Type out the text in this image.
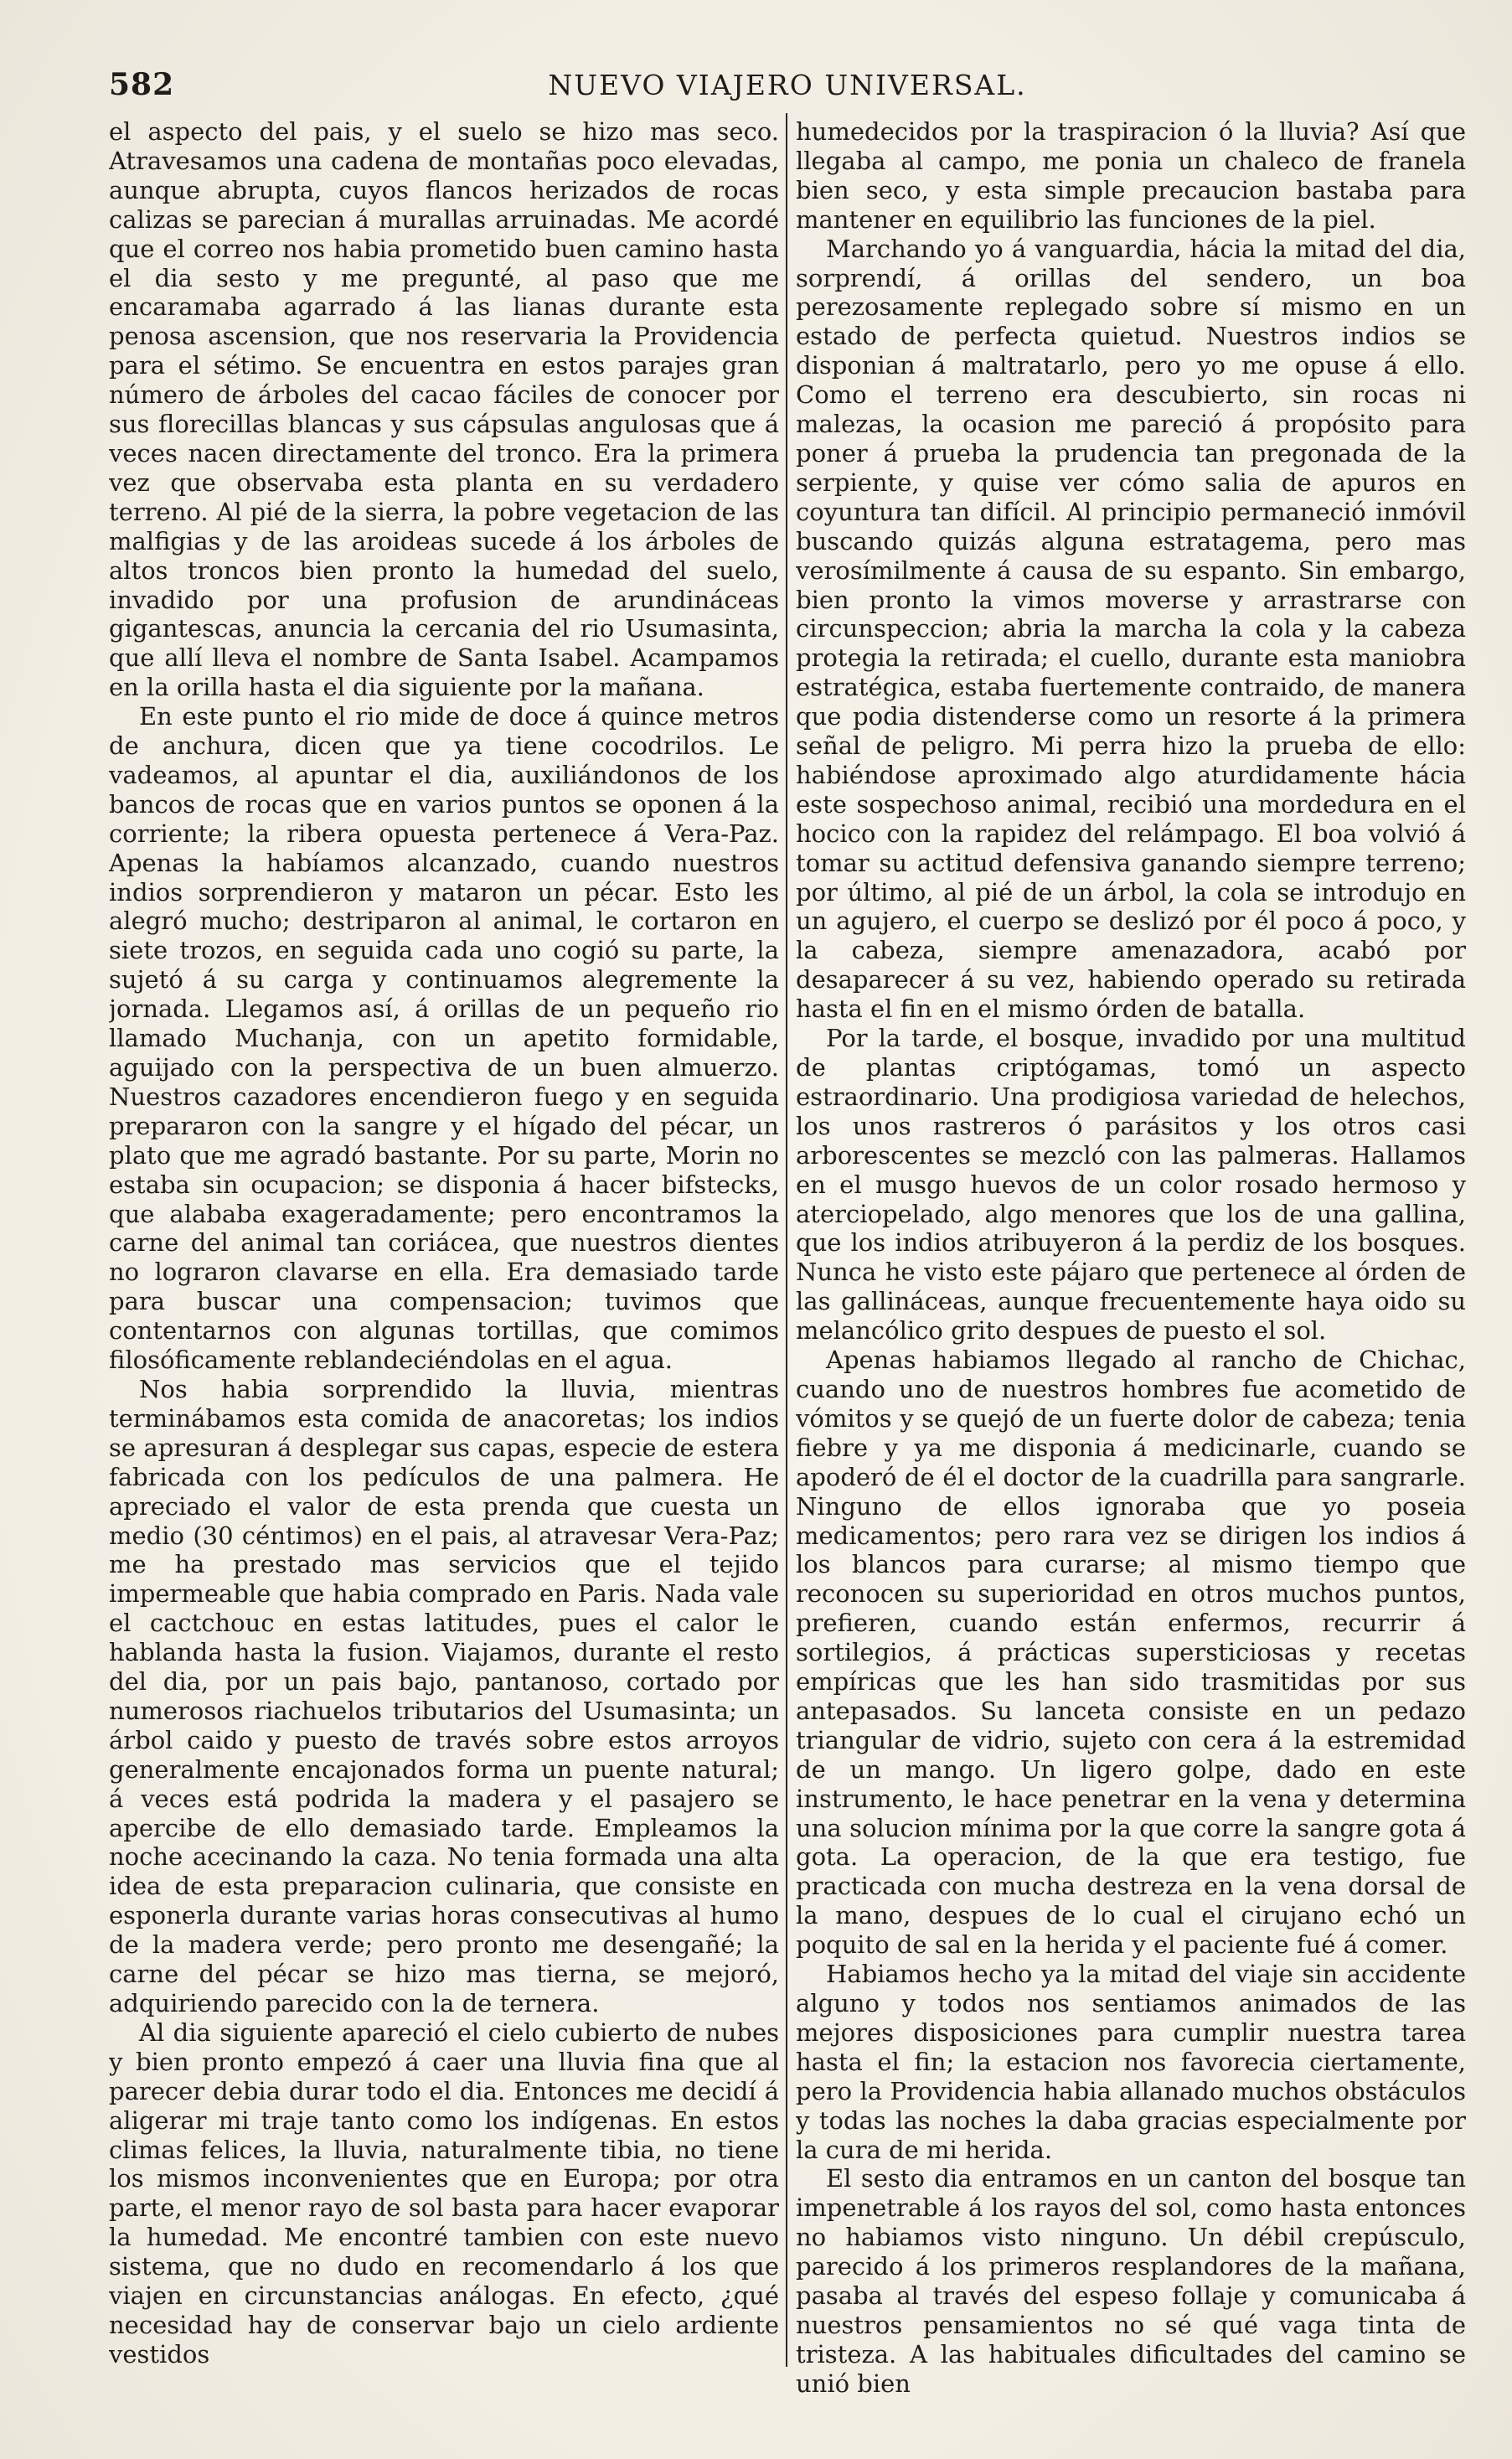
582	NUEVO VIAJERO UNIVERSAL.

el aspecto del pais, y el suelo se hizo mas seco. Atravesamos una cadena de montañas poco elevadas, aunque abrupta, cuyos flancos herizados de rocas calizas se parecian á murallas arruinadas. Me acordé que el correo nos habia prometido buen camino hasta el dia sesto y me pregunté, al paso que me encaramaba agarrado á las lianas durante esta penosa ascension, que nos reservaria la Providencia para el sétimo. Se encuentra en estos parajes gran número de árboles del cacao fáciles de conocer por sus florecillas blancas y sus cápsulas angulosas que á veces nacen directamente del tronco. Era la primera vez que observaba esta planta en su verdadero terreno. Al pié de la sierra, la pobre vegetacion de las malfigias y de las aroideas sucede á los árboles de altos troncos bien pronto la humedad del suelo, invadido por una profusion de arundináceas gigantescas, anuncia la cercania del rio Usumasinta, que allí lleva el nombre de Santa Isabel. Acampamos en la orilla hasta el dia siguiente por la mañana.

En este punto el rio mide de doce á quince metros de anchura, dicen que ya tiene cocodrilos. Le vadeamos, al apuntar el dia, auxiliándonos de los bancos de rocas que en varios puntos se oponen á la corriente; la ribera opuesta pertenece á Vera-Paz. Apenas la habíamos alcanzado, cuando nuestros indios sorprendieron y mataron un pécar. Esto les alegró mucho; destriparon al animal, le cortaron en siete trozos, en seguida cada uno cogió su parte, la sujetó á su carga y continuamos alegremente la jornada. Llegamos así, á orillas de un pequeño rio llamado Muchanja, con un apetito formidable, aguijado con la perspectiva de un buen almuerzo. Nuestros cazadores encendieron fuego y en seguida prepararon con la sangre y el hígado del pécar, un plato que me agradó bastante. Por su parte, Morin no estaba sin ocupacion; se disponia á hacer bifstecks, que alababa exageradamente; pero encontramos la carne del animal tan coriácea, que nuestros dientes no lograron clavarse en ella. Era demasiado tarde para buscar una compensacion; tuvimos que contentarnos con algunas tortillas, que comimos filosóficamente reblandeciéndolas en el agua.

Nos habia sorprendido la lluvia, mientras terminábamos esta comida de anacoretas; los indios se apresuran á desplegar sus capas, especie de estera fabricada con los pedículos de una palmera. He apreciado el valor de esta prenda que cuesta un medio (30 céntimos) en el pais, al atravesar Vera-Paz; me ha prestado mas servicios que el tejido impermeable que habia comprado en Paris. Nada vale el cactchouc en estas latitudes, pues el calor le hablanda hasta la fusion. Viajamos, durante el resto del dia, por un pais bajo, pantanoso, cortado por numerosos riachuelos tributarios del Usumasinta; un árbol caido y puesto de través sobre estos arroyos generalmente encajonados forma un puente natural; á veces está podrida la madera y el pasajero se apercibe de ello demasiado tarde. Empleamos la noche acecinando la caza. No tenia formada una alta idea de esta preparacion culinaria, que consiste en esponerla durante varias horas consecutivas al humo de la madera verde; pero pronto me desengañé; la carne del pécar se hizo mas tierna, se mejoró, adquiriendo parecido con la de ternera.

Al dia siguiente apareció el cielo cubierto de nubes y bien pronto empezó á caer una lluvia fina que al parecer debia durar todo el dia. Entonces me decidí á aligerar mi traje tanto como los indígenas. En estos climas felices, la lluvia, naturalmente tibia, no tiene los mismos inconvenientes que en Europa; por otra parte, el menor rayo de sol basta para hacer evaporar la humedad. Me encontré tambien con este nuevo sistema, que no dudo en recomendarlo á los que viajen en circunstancias análogas. En efecto, ¿qué necesidad hay de conservar bajo un cielo ardiente vestidos

humedecidos por la traspiracion ó la lluvia? Así que llegaba al campo, me ponia un chaleco de franela bien seco, y esta simple precaucion bastaba para mantener en equilibrio las funciones de la piel.

Marchando yo á vanguardia, hácia la mitad del dia, sorprendí, á orillas del sendero, un boa perezosamente replegado sobre sí mismo en un estado de perfecta quietud. Nuestros indios se disponian á maltratarlo, pero yo me opuse á ello. Como el terreno era descubierto, sin rocas ni malezas, la ocasion me pareció á propósito para poner á prueba la prudencia tan pregonada de la serpiente, y quise ver cómo salia de apuros en coyuntura tan difícil. Al principio permaneció inmóvil buscando quizás alguna estratagema, pero mas verosímilmente á causa de su espanto. Sin embargo, bien pronto la vimos moverse y arrastrarse con circunspeccion; abria la marcha la cola y la cabeza protegia la retirada; el cuello, durante esta maniobra estratégica, estaba fuertemente contraido, de manera que podia distenderse como un resorte á la primera señal de peligro. Mi perra hizo la prueba de ello: habiéndose aproximado algo aturdidamente hácia este sospechoso animal, recibió una mordedura en el hocico con la rapidez del relámpago. El boa volvió á tomar su actitud defensiva ganando siempre terreno; por último, al pié de un árbol, la cola se introdujo en un agujero, el cuerpo se deslizó por él poco á poco, y la cabeza, siempre amenazadora, acabó por desaparecer á su vez, habiendo operado su retirada hasta el fin en el mismo órden de batalla.

Por la tarde, el bosque, invadido por una multitud de plantas criptógamas, tomó un aspecto estraordinario. Una prodigiosa variedad de helechos, los unos rastreros ó parásitos y los otros casi arborescentes se mezcló con las palmeras. Hallamos en el musgo huevos de un color rosado hermoso y aterciopelado, algo menores que los de una gallina, que los indios atribuyeron á la perdiz de los bosques. Nunca he visto este pájaro que pertenece al órden de las gallináceas, aunque frecuentemente haya oido su melancólico grito despues de puesto el sol.

Apenas habiamos llegado al rancho de Chichac, cuando uno de nuestros hombres fue acometido de vómitos y se quejó de un fuerte dolor de cabeza; tenia fiebre y ya me disponia á medicinarle, cuando se apoderó de él el doctor de la cuadrilla para sangrarle. Ninguno de ellos ignoraba que yo poseia medicamentos; pero rara vez se dirigen los indios á los blancos para curarse; al mismo tiempo que reconocen su superioridad en otros muchos puntos, prefieren, cuando están enfermos, recurrir á sortilegios, á prácticas supersticiosas y recetas empíricas que les han sido trasmitidas por sus antepasados. Su lanceta consiste en un pedazo triangular de vidrio, sujeto con cera á la estremidad de un mango. Un ligero golpe, dado en este instrumento, le hace penetrar en la vena y determina una solucion mínima por la que corre la sangre gota á gota. La operacion, de la que era testigo, fue practicada con mucha destreza en la vena dorsal de la mano, despues de lo cual el cirujano echó un poquito de sal en la herida y el paciente fué á comer.

Habiamos hecho ya la mitad del viaje sin accidente alguno y todos nos sentiamos animados de las mejores disposiciones para cumplir nuestra tarea hasta el fin; la estacion nos favorecia ciertamente, pero la Providencia habia allanado muchos obstáculos y todas las noches la daba gracias especialmente por la cura de mi herida.

El sesto dia entramos en un canton del bosque tan impenetrable á los rayos del sol, como hasta entonces no habiamos visto ninguno. Un débil crepúsculo, parecido á los primeros resplandores de la mañana, pasaba al través del espeso follaje y comunicaba á nuestros pensamientos no sé qué vaga tinta de tristeza. A las habituales dificultades del camino se unió bien
